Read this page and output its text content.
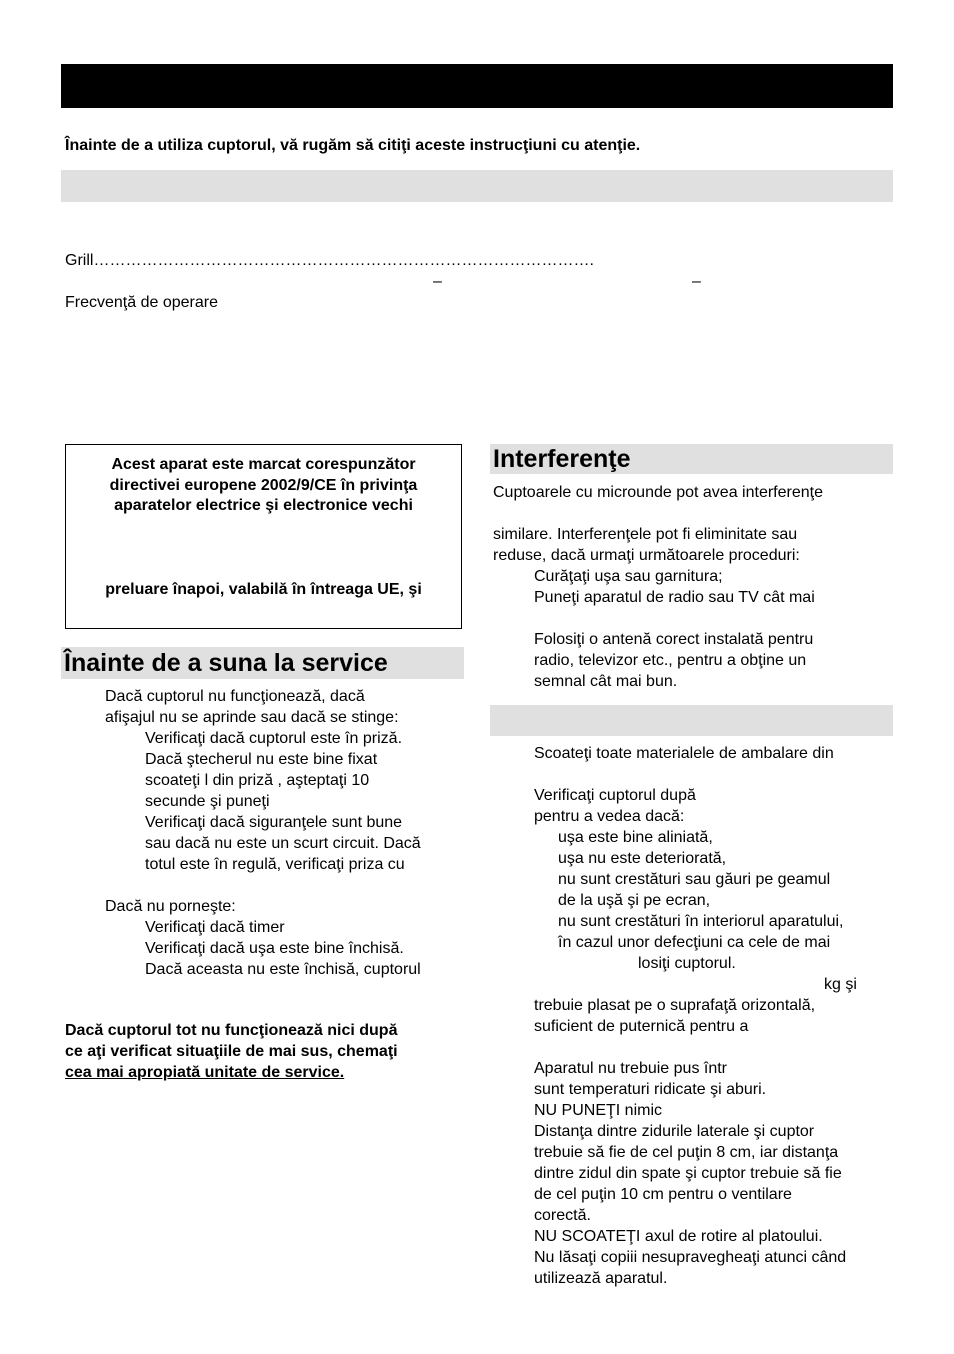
Înainte de a utiliza cuptorul, vă rugăm să citiţi aceste instrucţiuni cu atenţie.
Grill………………………………………………………………………………….
–	–
Frecvenţă de operare
Acest aparat este marcat corespunzător
directivei europene 2002/9/CE în privinţa
aparatelor electrice şi electronice vechi
preluare înapoi, valabilă în întreaga UE, şi
Înainte de a suna la service
Dacă cuptorul nu funcţionează, dacă
afişajul nu se aprinde sau dacă se stinge:
Verificaţi dacă cuptorul este în priză.
Dacă ştecherul nu este bine fixat
scoateţi l din priză , aşteptaţi 10
secunde şi puneţi
Verificaţi dacă siguranţele sunt bune
sau dacă nu este un scurt circuit. Dacă
totul este în regulă, verificaţi priza cu
Dacă nu porneşte:
Verificaţi dacă timer
Verificaţi dacă uşa este bine închisă.
Dacă aceasta nu este închisă, cuptorul
Dacă cuptorul tot nu funcţionează nici după
ce aţi verificat situaţiile de mai sus, chemaţi
cea mai apropiată unitate de service.
Interferenţe
Cuptoarele cu microunde pot avea interferenţe
similare. Interferenţele pot fi eliminitate sau
reduse, dacă urmaţi următoarele proceduri:
Curăţaţi uşa sau garnitura;
Puneţi aparatul de radio sau TV cât mai
Folosiţi o antenă corect instalată pentru
radio, televizor etc., pentru a obţine un
semnal cât mai bun.
Scoateţi toate materialele de ambalare din
Verificaţi cuptorul după
pentru a vedea dacă:
uşa este bine aliniată,
uşa nu este deteriorată,
nu sunt crestături sau găuri pe geamul
de la uşă şi pe ecran,
nu sunt crestături în interiorul aparatului,
în cazul unor defecţiuni ca cele de mai
losiţi cuptorul.
kg şi
trebuie plasat pe o suprafaţă orizontală,
suficient de puternică pentru a
Aparatul nu trebuie pus într
sunt temperaturi ridicate şi aburi.
NU PUNEŢI nimic
Distanţa dintre zidurile laterale şi cuptor
trebuie să fie de cel puţin 8 cm, iar distanţa
dintre zidul din spate şi cuptor trebuie să fie
de cel puţin 10 cm pentru o ventilare
corectă.
NU SCOATEŢI axul de rotire al platoului.
Nu lăsaţi copiii nesupravegheaţi atunci când
utilizează aparatul.
